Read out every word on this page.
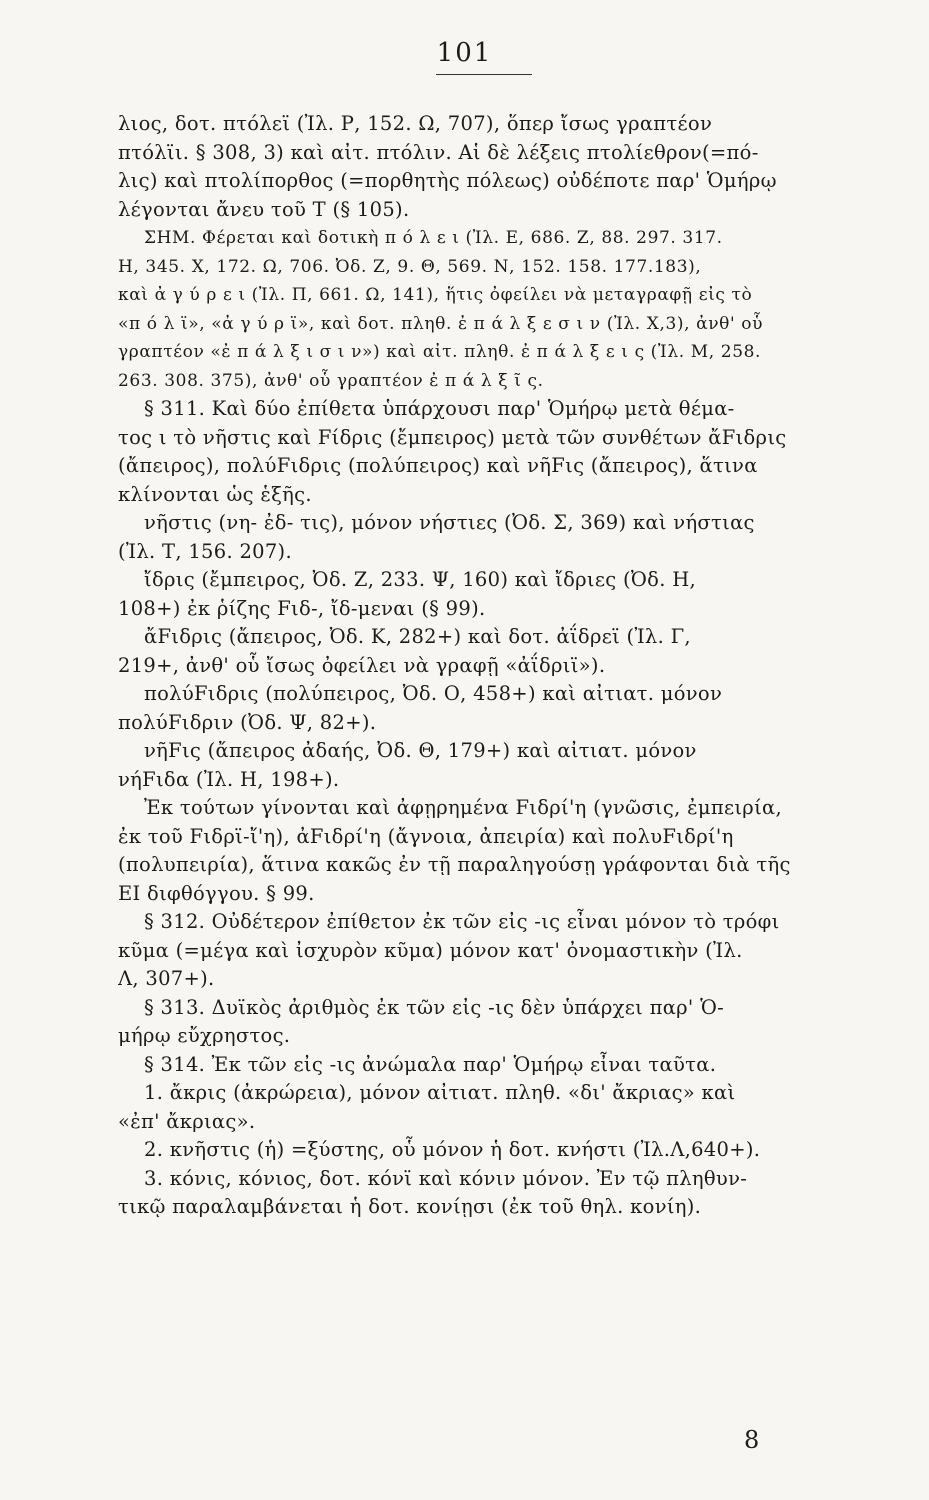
101
λιος, δοτ. πτόλεϊ (Ἰλ. Ρ, 152. Ω, 707), ὅπερ ἴσως γραπτέον
πτόλϊι. § 308, 3) καὶ αἰτ. πτόλιν. Αἱ δὲ λέξεις πτολίεθρον(=πό-
λις) καὶ πτολίπορθος (=πορθητὴς πόλεως) οὐδέποτε παρ' Ὁμήρῳ
λέγονται ἄνευ τοῦ Τ (§ 105).
ΣΗΜ. Φέρεται καὶ δοτικὴ π ό λ ε ι (Ἰλ. Ε, 686. Ζ, 88. 297. 317.
Η, 345. Χ, 172. Ω, 706. Ὀδ. Ζ, 9. Θ, 569. Ν, 152. 158. 177.183),
καὶ ἀ γ ύ ρ ε ι (Ἰλ. Π, 661. Ω, 141), ἥτις ὀφείλει νὰ μεταγραφῇ εἰς τὸ
«π ό λ ϊ», «ἀ γ ύ ρ ϊ», καὶ δοτ. πληθ. ἐ π ά λ ξ ε σ ι ν (Ἰλ. Χ,3), ἀνθ' οὗ
γραπτέον «ἐ π ά λ ξ ι σ ι ν») καὶ αἰτ. πληθ. ἐ π ά λ ξ ε ι ς (Ἰλ. Μ, 258.
263. 308. 375), ἀνθ' οὗ γραπτέον ἐ π ά λ ξ ῖ ς.
§ 311. Καὶ δύο ἐπίθετα ὑπάρχουσι παρ' Ὁμήρῳ μετὰ θέμα-
τος ι τὸ νῆστις καὶ Fίδρις (ἔμπειρος) μετὰ τῶν συνθέτων ἄFιδρις
(ἄπειρος), πολύFιδρις (πολύπειρος) καὶ νῆFις (ἄπειρος), ἅτινα
κλίνονται ὡς ἑξῆς.
νῆστις (νη- ἐδ- τις), μόνον νήστιες (Ὀδ. Σ, 369) καὶ νήστιας
(Ἰλ. Τ, 156. 207).
ἴδρις (ἔμπειρος, Ὀδ. Ζ, 233. Ψ, 160) καὶ ἴδριες (Ὀδ. Η,
108+) ἐκ ῥίζης Fιδ-, ἴδ-μεναι (§ 99).
ἄFιδρις (ἄπειρος, Ὀδ. Κ, 282+) καὶ δοτ. ἀΐδρεϊ (Ἰλ. Γ,
219+, ἀνθ' οὗ ἴσως ὀφείλει νὰ γραφῇ «ἀΐδριϊ»).
πολύFιδρις (πολύπειρος, Ὀδ. Ο, 458+) καὶ αἰτιατ. μόνον
πολύFιδριν (Ὀδ. Ψ, 82+).
νῆFις (ἄπειρος ἀδαής, Ὀδ. Θ, 179+) καὶ αἰτιατ. μόνον
νήFιδα (Ἰλ. Η, 198+).
Ἐκ τούτων γίνονται καὶ ἀφῃρημένα Fιδρί'η (γνῶσις, ἐμπειρία,
ἐκ τοῦ Fιδρϊ-ἴ'η), ἀFιδρί'η (ἄγνοια, ἀπειρία) καὶ πολυFιδρί'η
(πολυπειρία), ἅτινα κακῶς ἐν τῇ παραληγούσῃ γράφονται διὰ τῆς
ΕΙ διφθόγγου. § 99.
§ 312. Οὐδέτερον ἐπίθετον ἐκ τῶν εἰς -ις εἶναι μόνον τὸ τρόφι
κῦμα (=μέγα καὶ ἰσχυρὸν κῦμα) μόνον κατ' ὀνομαστικὴν (Ἰλ.
Λ, 307+).
§ 313. Δυϊκὸς ἀριθμὸς ἐκ τῶν εἰς -ις δὲν ὑπάρχει παρ' Ὁ-
μήρῳ εὔχρηστος.
§ 314. Ἐκ τῶν εἰς -ις ἀνώμαλα παρ' Ὁμήρῳ εἶναι ταῦτα.
1. ἄκρις (ἀκρώρεια), μόνον αἰτιατ. πληθ. «δι' ἄκριας» καὶ
«ἐπ' ἄκριας».
2. κνῆστις (ἡ) =ξύστης, οὗ μόνον ἡ δοτ. κνήστι (Ἰλ.Λ,640+).
3. κόνις, κόνιος, δοτ. κόνϊ καὶ κόνιν μόνον. Ἐν τῷ πληθυν-
τικῷ παραλαμβάνεται ἡ δοτ. κονίῃσι (ἐκ τοῦ θηλ. κονίη).
8
